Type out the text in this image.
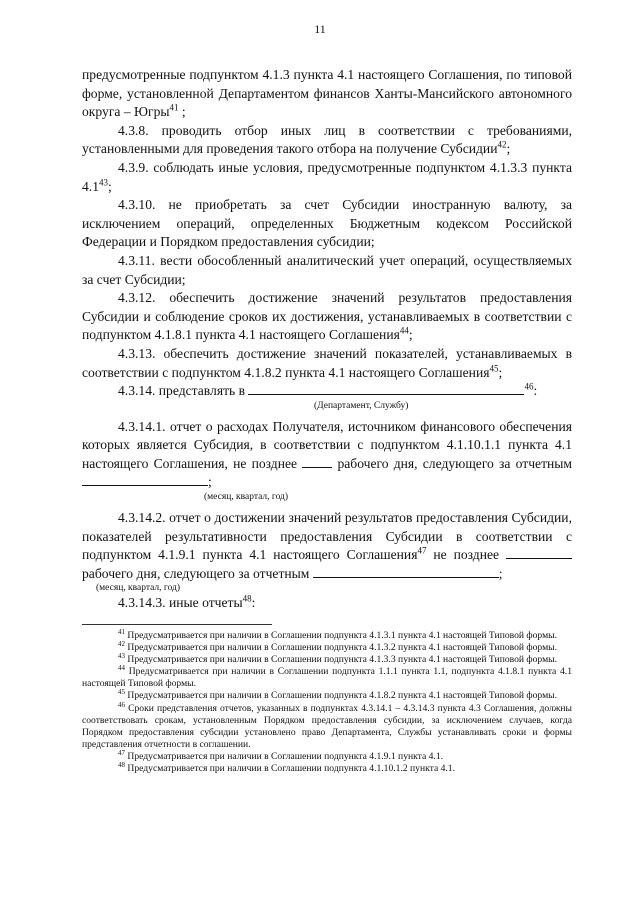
11

предусмотренные подпунктом 4.1.3 пункта 4.1 настоящего Соглашения, по типовой форме, установленной Департаментом финансов Ханты-Мансийского автономного округа – Югры$^{41}$ ;

4.3.8. проводить отбор иных лиц в соответствии с требованиями, установленными для проведения такого отбора на получение Субсидии$^{42}$;

4.3.9. соблюдать иные условия, предусмотренные подпунктом 4.1.3.3 пункта $4.1^{43}$;

4.3.10. не приобретать за счет Субсидии иностранную валюту, за исключением операций, определенных Бюджетным кодексом Российской Федерации и Порядком предоставления субсидии;

4.3.11. вести обособленный аналитический учет операций, осуществляемых за счет Субсидии;

4.3.12. обеспечить достижение значений результатов предоставления Субсидии и соблюдение сроков их достижения, устанавливаемых в соответствии с подпунктом 4.1.8.1 пункта 4.1 настоящего Соглашения$^{44}$;

4.3.13. обеспечить достижение значений показателей, устанавливаемых в соответствии с подпунктом 4.1.8.2 пункта 4.1 настоящего Соглашения$^{45}$;

4.3.14. представлять в	$^{46}$:

(Департамент, Службу)

4.3.14.1. отчет о расходах Получателя, источником финансового обеспечения которых является Субсидия, в соответствии с подпунктом 4.1.10.1.1 пункта 4.1 настоящего Соглашения, не позднее	рабочего дня, следующего за отчетным ;

(месяц, квартал, год)

4.3.14.2. отчет о достижении значений результатов предоставления Субсидии, показателей результативности предоставления Субсидии в соответствии с подпунктом 4.1.9.1 пункта 4.1 настоящего Соглашения$^{47}$ не позднее  рабочего дня, следующего за отчетным	;

(месяц, квартал, год)

4.3.14.3. иные отчеты$^{48}$:

$^{41}$ Предусматривается при наличии в Соглашении подпункта 4.1.3.1 пункта 4.1 настоящей Типовой формы.

$^{42}$ Предусматривается при наличии в Соглашении подпункта 4.1.3.2 пункта 4.1 настоящей Типовой формы.

$^{43}$ Предусматривается при наличии в Соглашении подпункта 4.1.3.3 пункта 4.1 настоящей Типовой формы.

$^{44}$ Предусматривается при наличии в Соглашении подпункта 1.1.1 пункта 1.1, подпункта 4.1.8.1 пункта 4.1 настоящей Типовой формы.

$^{45}$ Предусматривается при наличии в Соглашении подпункта 4.1.8.2 пункта 4.1 настоящей Типовой формы.

$^{46}$ Сроки представления отчетов, указанных в подпунктах 4.3.14.1 – 4.3.14.3 пункта 4.3 Соглашения, должны соответствовать срокам, установленным Порядком предоставления субсидии, за исключением случаев, когда Порядком предоставления субсидии установлено право Департамента, Службы устанавливать сроки и формы представления отчетности в соглашении.

$^{47}$ Предусматривается при наличии в Соглашении подпункта 4.1.9.1 пункта 4.1.

$^{48}$ Предусматривается при наличии в Соглашении подпункта 4.1.10.1.2 пункта 4.1.
